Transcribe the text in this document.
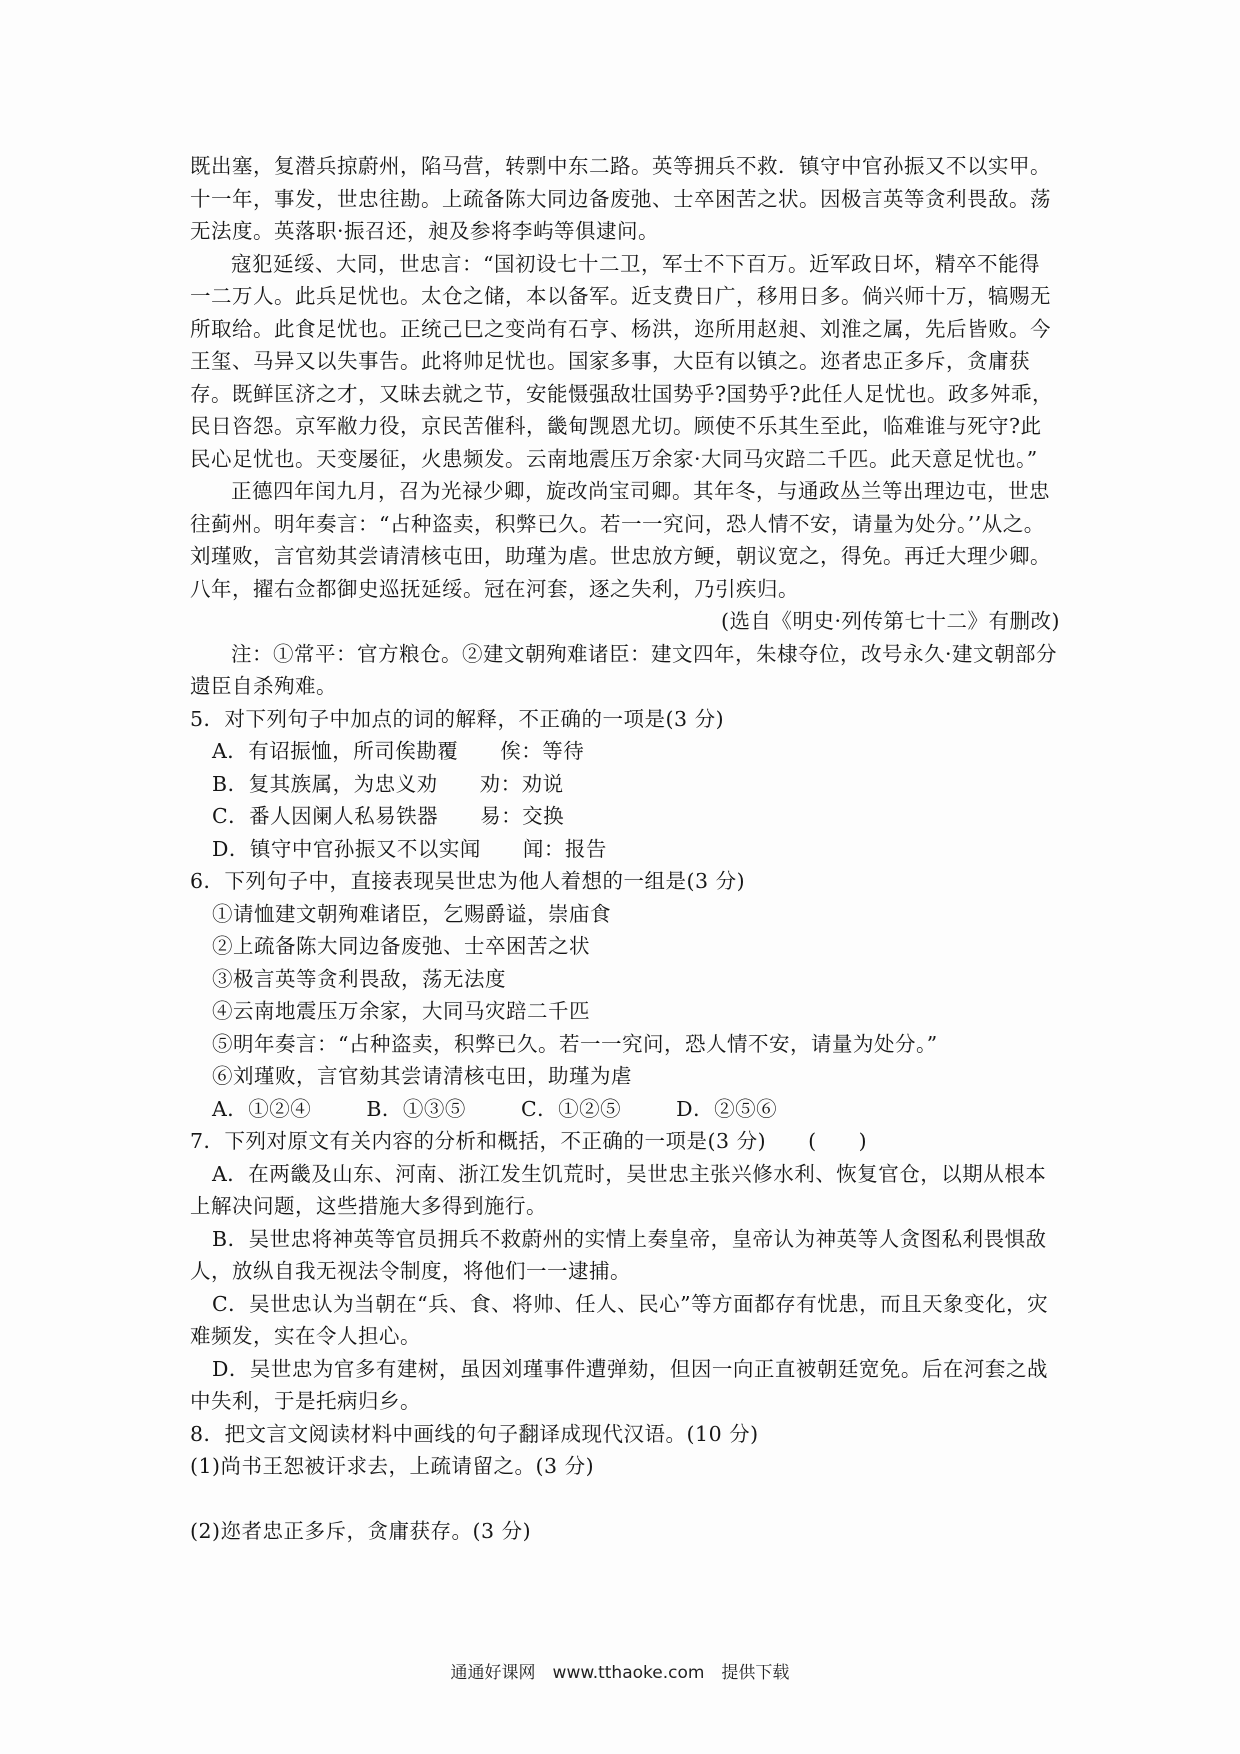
既出塞，复潜兵掠蔚州，陷马营，转剽中东二路。英等拥兵不救．镇守中官孙振又不以实甲。十一年，事发，世忠往勘。上疏备陈大同边备废弛、士卒困苦之状。因极言英等贪利畏敌。荡无法度。英落职·振召还，昶及参将李屿等俱逮问。

寇犯延绥、大同，世忠言：“国初设七十二卫，军士不下百万。近军政日坏，精卒不能得一二万人。此兵足忧也。太仓之储，本以备军。近支费日广，移用日多。倘兴师十万，犒赐无所取给。此食足忧也。正统己巳之变尚有石亨、杨洪，迩所用赵昶、刘淮之属，先后皆败。今王玺、马异又以失事告。此将帅足忧也。国家多事，大臣有以镇之。迩者忠正多斥，贪庸获存。既鲜匡济之才，又昧去就之节，安能慑强敌壮国势乎?国势乎?此任人足忧也。政多舛乖，民日咨怨。京军敝力役，京民苦催科，畿甸觊恩尤切。顾使不乐其生至此，临难谁与死守?此民心足忧也。天变屡征，火患频发。云南地震压万余家·大同马灾踣二千匹。此天意足忧也。”

正德四年闰九月，召为光禄少卿，旋改尚宝司卿。其年冬，与通政丛兰等出理边屯，世忠往蓟州。明年奏言：“占种盗卖，积弊已久。若一一究问，恐人情不安，请量为处分。’’从之。刘瑾败，言官劾其尝请清核屯田，助瑾为虐。世忠放方鲠，朝议宽之，得免。再迁大理少卿。八年，擢右佥都御史巡抚延绥。冠在河套，逐之失利，乃引疾归。

(选自《明史·列传第七十二》有删改)

注：①常平：官方粮仓。②建文朝殉难诸臣：建文四年，朱棣夺位，改号永久·建文朝部分遗臣自杀殉难。

5．对下列句子中加点的词的解释，不正确的一项是(3 分)

A．有诏振恤，所司俟勘覆　　俟：等待

B．复其族属，为忠义劝　　劝：劝说

C．番人因阑人私易铁器　　易：交换

D．镇守中官孙振又不以实闻　　闻：报告

6．下列句子中，直接表现吴世忠为他人着想的一组是(3 分)

①请恤建文朝殉难诸臣，乞赐爵谥，崇庙食

②上疏备陈大同边备废弛、士卒困苦之状

③极言英等贪利畏敌，荡无法度

④云南地震压万余家，大同马灾踣二千匹

⑤明年奏言：“占种盗卖，积弊已久。若一一究问，恐人情不安，请量为处分。”

⑥刘瑾败，言官劾其尝请清核屯田，助瑾为虐

A．①②④	B．①③⑤	C．①②⑤	D．②⑤⑥

7．下列对原文有关内容的分析和概括，不正确的一项是(3 分)　　(　　)

A．在两畿及山东、河南、浙江发生饥荒时，吴世忠主张兴修水利、恢复官仓，以期从根本上解决问题，这些措施大多得到施行。

B．吴世忠将神英等官员拥兵不救蔚州的实情上奏皇帝，皇帝认为神英等人贪图私利畏惧敌人，放纵自我无视法令制度，将他们一一逮捕。

C．吴世忠认为当朝在“兵、食、将帅、任人、民心”等方面都存有忧患，而且天象变化，灾难频发，实在令人担心。

D．吴世忠为官多有建树，虽因刘瑾事件遭弹劾，但因一向正直被朝廷宽免。后在河套之战中失利，于是托病归乡。

8．把文言文阅读材料中画线的句子翻译成现代汉语。(10 分)

(1)尚书王恕被讦求去，上疏请留之。(3 分)

(2)迩者忠正多斥，贪庸获存。(3 分)

通通好课网　www.tthaoke.com　提供下载
